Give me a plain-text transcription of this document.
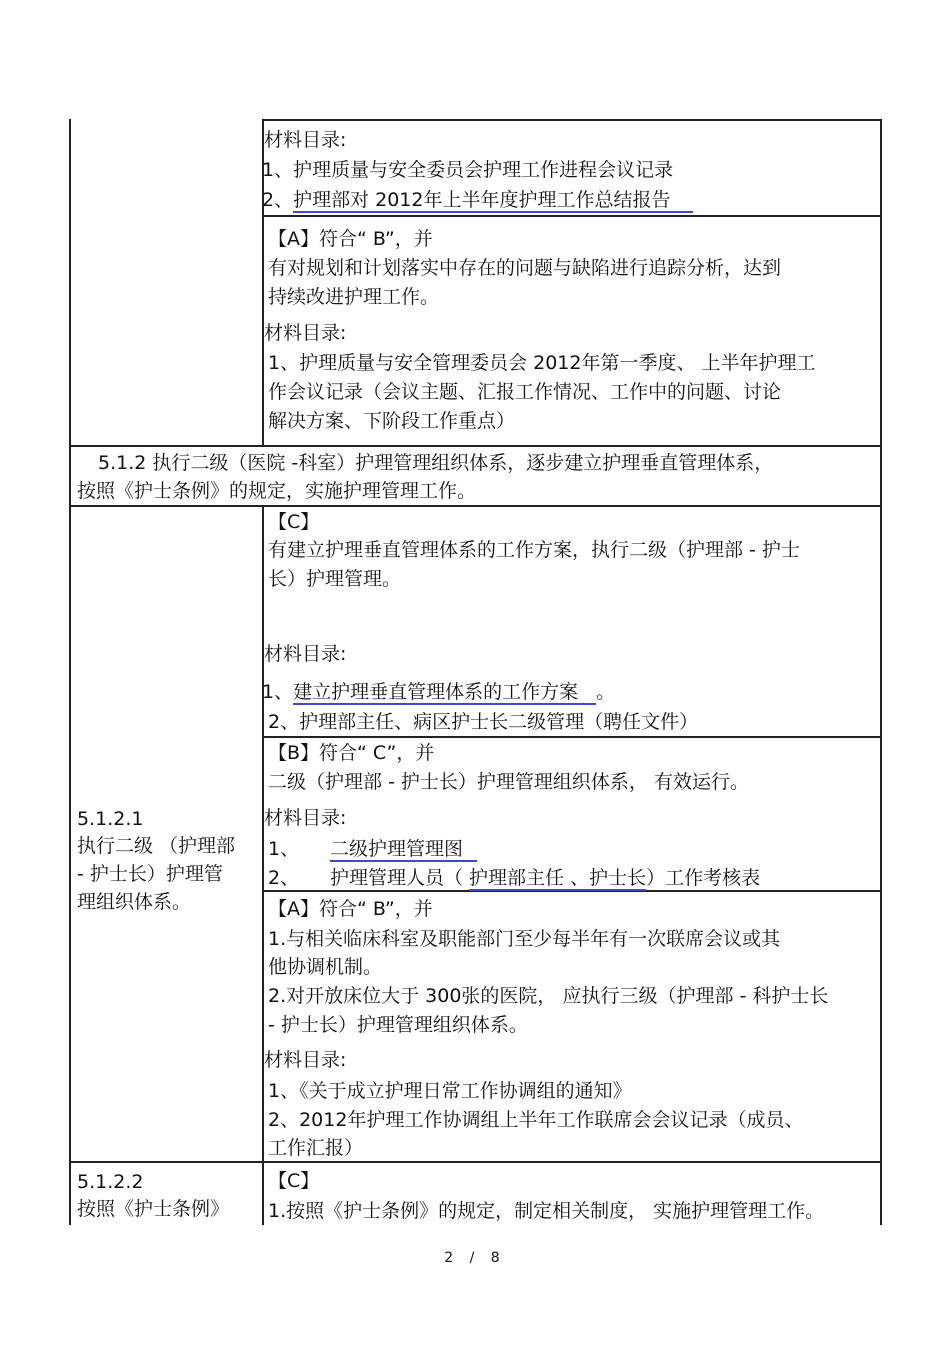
材料目录:
1、护理质量与安全委员会护理工作进程会议记录
2、护理部对 2012年上半年度护理工作总结报告
【A】符合“ B”，并
有对规划和计划落实中存在的问题与缺陷进行追踪分析，达到
持续改进护理工作。
材料目录:
1、护理质量与安全管理委员会 2012年第一季度、 上半年护理工
作会议记录（会议主题、汇报工作情况、工作中的问题、讨论
解决方案、下阶段工作重点）
5.1.2 执行二级（医院 -科室）护理管理组织体系，逐步建立护理垂直管理体系，
按照《护士条例》的规定，实施护理管理工作。
5.1.2.1
执行二级 （护理部
- 护士长）护理管
理组织体系。
【C】
有建立护理垂直管理体系的工作方案，执行二级（护理部 - 护士
长）护理管理。
材料目录:
1、建立护理垂直管理体系的工作方案 。
2、护理部主任、病区护士长二级管理（聘任文件）
【B】符合“ C”，并
二级（护理部 - 护士长）护理管理组织体系， 有效运行。
材料目录:
1、 二级护理管理图
2、 护理管理人员（ 护理部主任 、护士长）工作考核表
【A】符合“ B”，并
1.与相关临床科室及职能部门至少每半年有一次联席会议或其
他协调机制。
2.对开放床位大于 300张的医院， 应执行三级（护理部 - 科护士长
- 护士长）护理管理组织体系。
材料目录:
1、《关于成立护理日常工作协调组的通知》
2、2012年护理工作协调组上半年工作联席会会议记录（成员、
工作汇报）
5.1.2.2
按照《护士条例》
【C】
1.按照《护士条例》的规定，制定相关制度， 实施护理管理工作。
2 / 8
